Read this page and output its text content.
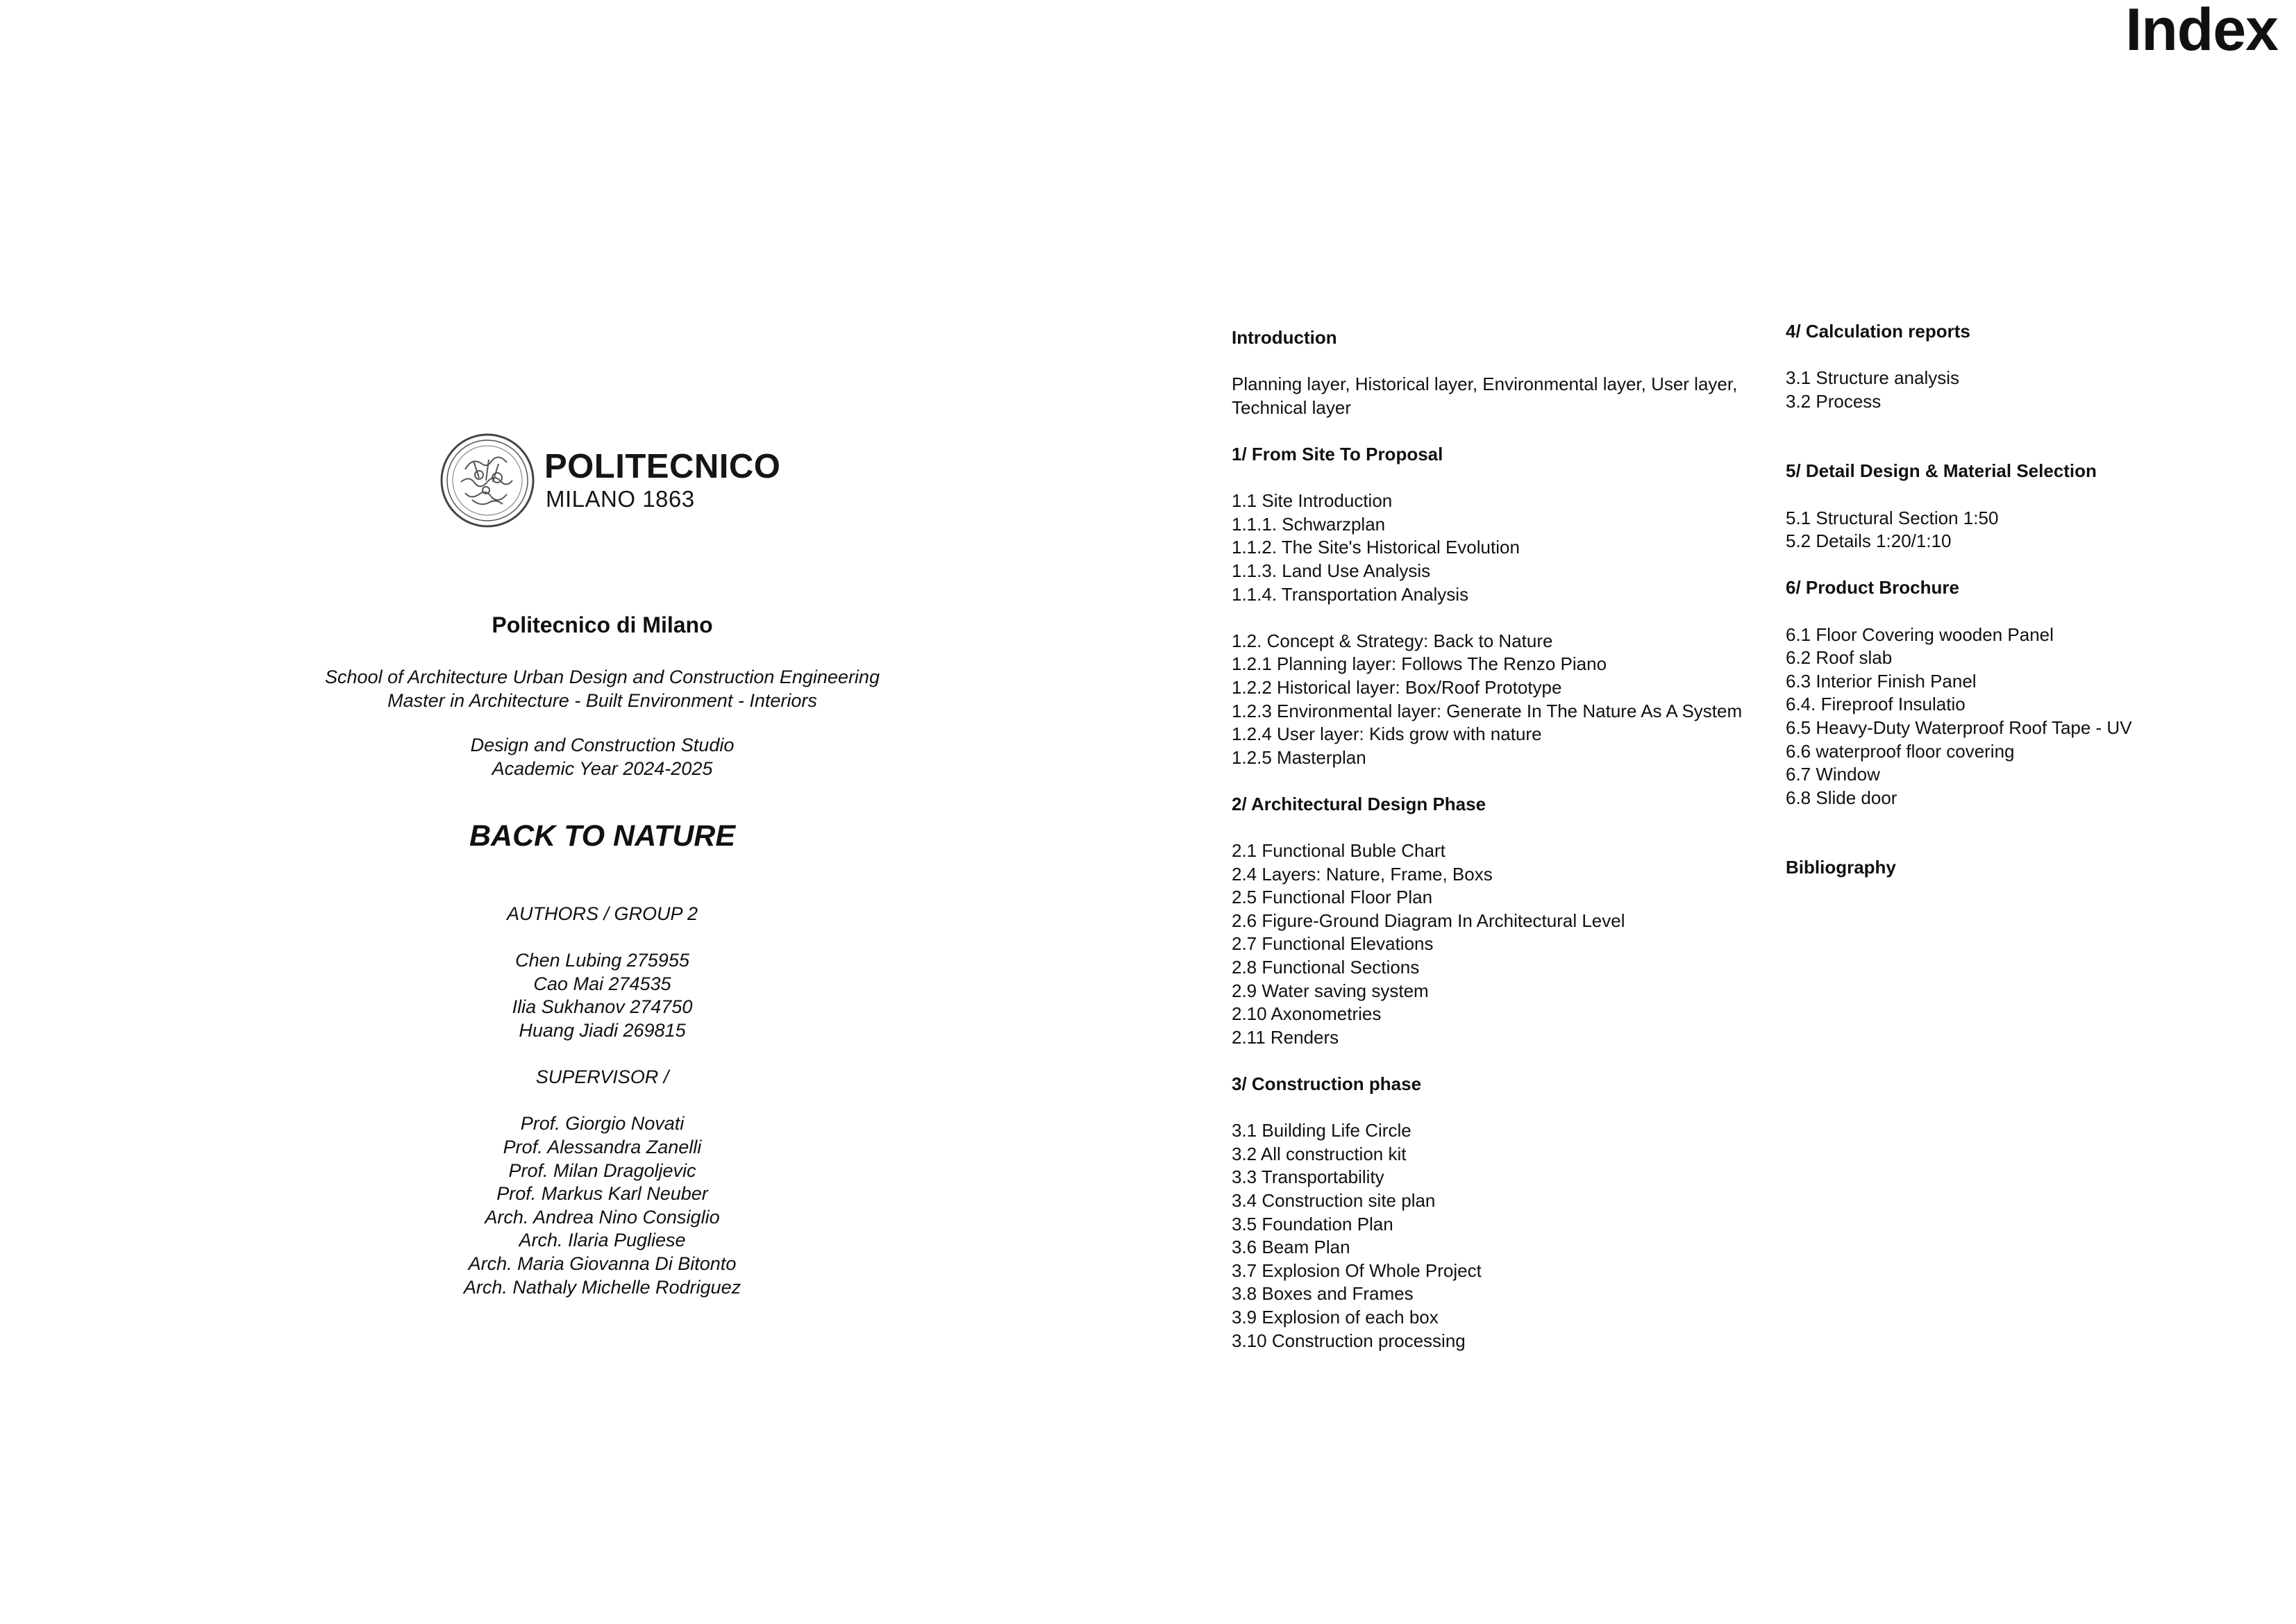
Index
POLITECNICO
MILANO 1863
Politecnico di Milano
School of Architecture Urban Design and Construction Engineering
Master in Architecture - Built Environment - Interiors
Design and Construction Studio
Academic Year 2024-2025
BACK TO NATURE
AUTHORS / GROUP 2
Chen Lubing 275955
Cao Mai 274535
Ilia Sukhanov 274750
Huang Jiadi 269815
SUPERVISOR /
Prof. Giorgio Novati
Prof. Alessandra Zanelli
Prof. Milan Dragoljevic
Prof. Markus Karl Neuber
Arch. Andrea Nino Consiglio
Arch. Ilaria Pugliese
Arch. Maria Giovanna Di Bitonto
Arch. Nathaly Michelle Rodriguez
Introduction
Planning layer, Historical layer, Environmental layer, User layer,
Technical layer
1/ From Site To Proposal
1.1 Site Introduction
1.1.1. Schwarzplan
1.1.2. The Site's Historical Evolution
1.1.3. Land Use Analysis
1.1.4. Transportation Analysis
1.2. Concept & Strategy: Back to Nature
1.2.1 Planning layer: Follows The Renzo Piano
1.2.2 Historical layer: Box/Roof Prototype
1.2.3 Environmental layer: Generate In The Nature As A System
1.2.4 User layer: Kids grow with nature
1.2.5 Masterplan
2/ Architectural Design Phase
2.1 Functional Buble Chart
2.4 Layers: Nature, Frame, Boxs
2.5 Functional Floor Plan
2.6 Figure-Ground Diagram In Architectural Level
2.7 Functional Elevations
2.8 Functional Sections
2.9 Water saving system
2.10 Axonometries
2.11 Renders
3/ Construction phase
3.1 Building Life Circle
3.2 All construction kit
3.3 Transportability
3.4 Construction site plan
3.5 Foundation Plan
3.6 Beam Plan
3.7 Explosion Of Whole Project
3.8 Boxes and Frames
3.9 Explosion of each box
3.10 Construction processing
4/ Calculation reports
3.1 Structure analysis
3.2 Process
5/ Detail Design & Material Selection
5.1 Structural Section 1:50
5.2 Details 1:20/1:10
6/ Product Brochure
6.1 Floor Covering wooden Panel
6.2 Roof slab
6.3 Interior Finish Panel
6.4. Fireproof Insulatio
6.5 Heavy-Duty Waterproof Roof Tape - UV
6.6 waterproof floor covering
6.7 Window
6.8 Slide door
Bibliography
